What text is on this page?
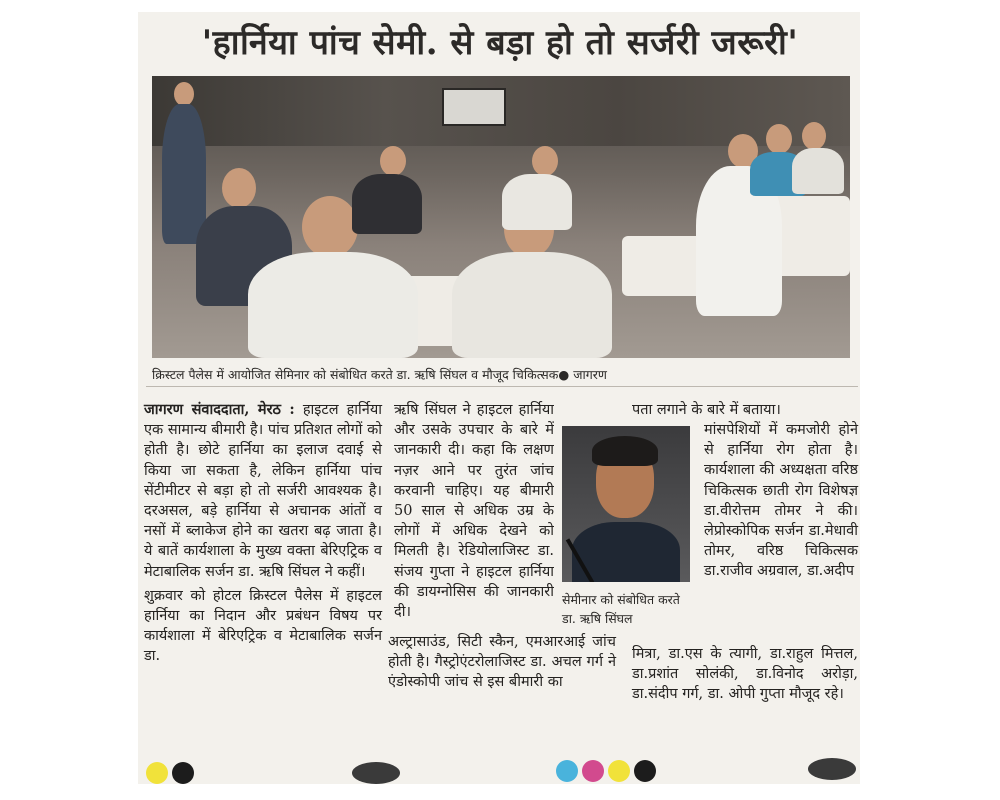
'हार्निया पांच सेमी. से बड़ा हो तो सर्जरी जरूरी'
क्रिस्टल पैलेस में आयोजित सेमिनार को संबोधित करते डा. ऋषि सिंघल व मौजूद चिकित्सक● जागरण

जागरण संवाददाता, मेरठ : हाइटल हार्निया एक सामान्य बीमारी है। पांच प्रतिशत लोगों को होती है। छोटे हार्निया का इलाज दवाई से किया जा सकता है, लेकिन हार्निया पांच सेंटीमीटर से बड़ा हो तो सर्जरी आवश्यक है। दरअसल, बड़े हार्निया से अचानक आंतों व नसों में ब्लाकेज होने का खतरा बढ़ जाता है। ये बातें कार्यशाला के मुख्य वक्ता बेरिएट्रिक व मेटाबालिक सर्जन डा. ऋषि सिंघल ने कहीं।

शुक्रवार को होटल क्रिस्टल पैलेस में हाइटल हार्निया का निदान और प्रबंधन विषय पर कार्यशाला में बेरिएट्रिक व मेटाबालिक सर्जन डा.

ऋषि सिंघल ने हाइटल हार्निया और उसके उपचार के बारे में जानकारी दी। कहा कि लक्षण नज़र आने पर तुरंत जांच करवानी चाहिए। यह बीमारी 50 साल से अधिक उम्र के लोगों में अधिक देखने को मिलती है। रेडियोलाजिस्ट डा. संजय गुप्ता ने हाइटल हार्निया की डायग्नोसिस की जानकारी दी।

अल्ट्रासाउंड, सिटी स्कैन, एमआरआई जांच होती है। गैस्ट्रोएंटरोलाजिस्ट डा. अचल गर्ग ने एंडोस्कोपी जांच से इस बीमारी का

सेमीनार को संबोधित करते डा. ऋषि सिंघल

पता लगाने के बारे में बताया।

मांसपेशियों में कमजोरी होने से हार्निया रोग होता है। कार्यशाला की अध्यक्षता वरिष्ठ चिकित्सक छाती रोग विशेषज्ञ डा.वीरोत्तम तोमर ने की। लेप्रोस्कोपिक सर्जन डा.मेधावी तोमर, वरिष्ठ चिकित्सक डा.राजीव अग्रवाल, डा.अदीप

मित्रा, डा.एस के त्यागी, डा.राहुल मित्तल, डा.प्रशांत सोलंकी, डा.विनोद अरोड़ा, डा.संदीप गर्ग, डा. ओपी गुप्ता मौजूद रहे।
